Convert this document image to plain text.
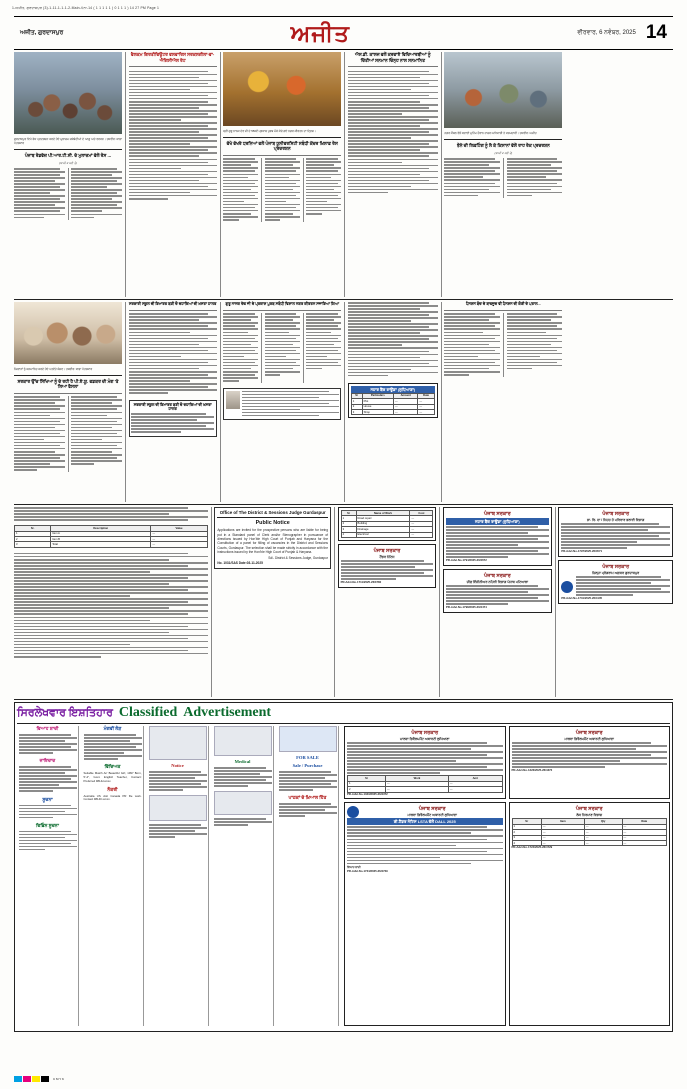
1-ਅਜੀਤ, ਗੁਰਦਾਸਪੁਰ (3)-1-11-1-1-1-2-Main-ਪੰਨਾ-14 ( 1 1 1 1 1 ) 0 1 1 1 ) 14 27 PM Page 1
ਅਜੀਤ, ਗੁਰਦਾਸਪੁਰ	ਅਜੀਤ	ਵੀਰਵਾਰ, 6 ਨਵੰਬਰ, 2025 14
ਗੁਰਦਾਸਪੁਰ ਵਿਖੇ ਰੋਸ ਪ੍ਰਦਰਸ਼ਨ ਕਰਦੇ ਹੋਏ ਮੁਲਾਜ਼ਮ ਜਥੇਬੰਦੀਆਂ ਦੇ ਆਗੂ ਅਤੇ ਵਰਕਰ। ਤਸਵੀਰ: ਸਾਡਾ ਪੱਤਰਕਾਰ
ਪੰਜਾਬ ਰੋਡਵੇਜ਼ ਪੀ.ਆਰ.ਟੀ.ਸੀ. ਦੇ ਮੁਲਾਜ਼ਮਾਂ ਵੱਲੋਂ ਰੋਸ ...
(ਬਾਕੀ 2 ਸਫ਼ੇ ਤੇ)
ਵੈਲਕਮ ਗਿਰਤੀਵਿਊਟਰ ਵਲਵਾਰਿਸ ਸਰਕਲਗੀਲਾ-ਵਾ-ਐਂਗਿਸੀਐਲ ਰੇਟ
ਸ੍ਰੀ ਗੁਰੂ ਨਾਨਕ ਦੇਵ ਜੀ ਦੇ 556ਵੇਂ ਪ੍ਰਕਾਸ਼ ਪੁਰਬ ਮੌਕੇ ਕੱਢੇ ਗਏ ਨਗਰ ਕੀਰਤਨ ਦਾ ਦ੍ਰਿਸ਼।
ਵੱਖੋ ਵੱਖਰੇ ਧਰਨਿਆਂ ਵਲੋਂ ਪੰਜਾਬ ਯੂਨੀਵਰਸਿਟੀ ਸਬੰਧੀ ਕੇਂਦਰ ਖ਼ਿਲਾਫ਼ ਰੋਸ ਪ੍ਰਦਰਸ਼ਨ
ਐਸ.ਡੀ. ਕਾਲਜ ਵਲੋਂ ਕਰਵਾਏ ਵਿਦਿਆਰਥੀਆਂ ਨੂੰ ਦਿੱਤੀਆਂ ਸਨਮਾਨ ਚਿੰਨ੍ਹ ਨਾਲ ਸਨਮਾਨਿਤ
ਨਗਰ ਕੌਂਸਲ ਵੱਲੋਂ ਸਫ਼ਾਈ ਮੁਹਿੰਮ ਦੌਰਾਨ ਹਾਜ਼ਰ ਅਧਿਕਾਰੀ ਤੇ ਕਰਮਚਾਰੀ। ਤਸਵੀਰ: ਅਜੀਤ
ਝੋਨੇ ਦੀ ਲਿਫ਼ਟਿੰਗ ਨੂੰ ਲੈ ਕੇ ਕਿਸਾਨਾਂ ਵੱਲੋਂ ਰਾਹ ਰੋਕ ਪ੍ਰਦਰਸ਼ਨ
(ਬਾਕੀ 2 ਸਫ਼ੇ ਤੇ)
ਨੌਜਵਾਨਾਂ ਨੂੰ ਸਨਮਾਨਿਤ ਕਰਦੇ ਹੋਏ ਪਤਵੰਤੇ ਸੱਜਣ। ਤਸਵੀਰ: ਸਾਡਾ ਪੱਤਰਕਾਰ
ਸਰਕਾਰ ਉੱਚ ਸਿੱਖਿਆ ਨੂੰ ਦੇ ਰਹੀ ਹੈ ਪੀ.ਏ.ਯੂ. ਵਡਕਰ ਦੀ ਮੰਗ 'ਤੇ ਲਿਆ ਫੈਸਲਾ
ਸਰਕਾਰੀ ਸਕੂਲ ਦੀ ਇਮਾਰਤ ਬਣੀ ਦੋ ਦਹਾਕਿਆਂ ਦੀ ਖ਼ਸਤਾ ਹਾਲਤ
ਸਰਕਾਰੀ ਸਕੂਲ ਦੀ ਇਮਾਰਤ ਬਣੀ ਦੋ ਦਹਾਕਿਆਂ ਦੀ ਖ਼ਸਤਾ ਹਾਲਤ
ਗੁਰੂ ਨਾਨਕ ਦੇਵ ਜੀ ਦੇ ਪ੍ਰਕਾਸ਼ ਪੁਰਬ ਸਬੰਧੀ ਵਿਸ਼ਾਲ ਨਗਰ ਕੀਰਤਨ ਸਜਾਇਆ ਗਿਆ
ਨਹਾਰ ਬੈਂਕ ਰਾਊਂਡਾ (ਲੁਧਿਆਣਾ)
Sr	Particulars	Amount	Date
1	Plot	—	—
2	House	—	—
3	Shop	—	—
ਪੈਨਸ਼ਨ ਬੰਦ ਦੇ ਬਾਵਜੂਦ ਵੀ ਪੈਨਸ਼ਨ ਦੀ ਕੋਈ ਦੇ ਪਤਾਲ...
Sr.	Description	Value
1	Item A	—
2	Item B	—
3	Total	—
Office of The District & Sessions Judge Gurdaspur
Public Notice
Applications are invited for the prospective persons who are liable for being put in a Standard panel of Clerk and/or Stenographer in pursuance of directions issued by Hon'ble High Court of Punjab and Haryana for the Constitution of a panel for filling of vacancies in the District and Sessions Courts, Gurdaspur. The selection shall be made strictly in accordance with the instructions issued by the Hon'ble High Court of Punjab & Haryana.
Sd/- District & Sessions Judge, Gurdaspur
No. 1031/SAS Date:03-11-2025
Sr	Name of Work	Cost
1	Road repair	—
2	Building	—
3	Drainage	—
4	Electrical	—
ਪੰਜਾਬ ਸਰਕਾਰ
ਟੈਂਡਰ ਨੋਟਿਸ
PR-Advt.No-1711/2025-26/3780
ਪੰਜਾਬ ਸਰਕਾਰ
ਨਹਾਰ ਬੈਂਕ ਰਾਊਂਡਾ (ਲੁਧਿਆਣਾ)
PR-Advt.No-1794/2025-26/4672
ਪੰਜਾਬ ਸਰਕਾਰ
ਚੀਫ਼ ਇੰਜੀਨੀਅਰ ਨਹਿਰੀ ਵਿਭਾਗ ਪੰਜਾਬ ਪਟਿਆਲਾ
PR-Advt.No-1798/2025-26/4474
ਪੰਜਾਬ ਸਰਕਾਰ
ਭਾ. ਵਿ. ਦਾ / ਸਿਹਤ ਤੇ ਪਰਿਵਾਰ ਭਲਾਈ ਵਿਭਾਗ
PR-Advt.No-1797/2025-26/4571
ਪੰਜਾਬ ਸਰਕਾਰ
ਜ਼ਿਲ੍ਹਾ ਪ੍ਰੋਗਰਾਮ ਅਫ਼ਸਰ ਗੁਰਦਾਸਪੁਰ
PR-Advt.No-1731/2025-26/4105
ਸਿਰਲੇਖਵਾਰ ਇਸ਼ਤਿਹਾਰ Classified Advertisement
ਵਿਆਹ ਸ਼ਾਦੀ
ਜਾਇਦਾਦ
ਸੂਚਨਾ
ਵਿਭਿੰਨ ਸੂਚਨਾ
ਮੰਗਵੀਂ ਲੋੜ
ਵਿੱਦਿਅਕ
Suitable Match Arr Beautiful Girl, 1997 Born, 5'-4", Govt. English Teacher, Contact: Preferred 9814xxxxxx.
ਨੌਕਰੀ
Australia US visit Canada PR file work. Contact 98140-xxxxx.
Notice
Medical
FOR SALE
Sale / Purchase
ਪਾਠਕਾਂ ਦੇ ਖ਼ਿਆਲ ਹਿੱਤ
ਪੰਜਾਬ ਸਰਕਾਰ
ਮਾਲਵਾ ਡਿਵੈਲਪਮੈਂਟ ਅਥਾਰਟੀ ਲੁਧਿਆਣਾ
Sr	Work	Amt
1	—	—
2	—	—
PR-Advt.No-1323/2025-26/4372
ਪੰਜਾਬ ਸਰਕਾਰ
ਮਾਲਵਾ ਡਿਵੈਲਪਮੈਂਟ ਅਥਾਰਟੀ ਲੁਧਿਆਣਾ
PR-Advt.No-1323/2025-26/4372
ਪੰਜਾਬ ਸਰਕਾਰ
ਮਾਲਵਾ ਡਿਵੈਲਪਮੈਂਟ ਅਥਾਰਟੀ ਲੁਧਿਆਣਾ
ਈ-ਟੈਂਡਰ ਨੋਟਿਸ LSTA ਵੱਲੋਂ DALL 2025
ਵਿਆਹ ਸ਼ਾਦੀ
PR-Advt.No-1724/2025-26/4729
ਪੰਜਾਬ ਸਰਕਾਰ
ਲੋਕ ਨਿਰਮਾਣ ਵਿਭਾਗ
Sr	Item	Qty	Rate
1	—	—	—
2	—	—	—
3	—	—	—
4	—	—	—
PR-Advt.No-1724/2025-26/4729
C M Y K
